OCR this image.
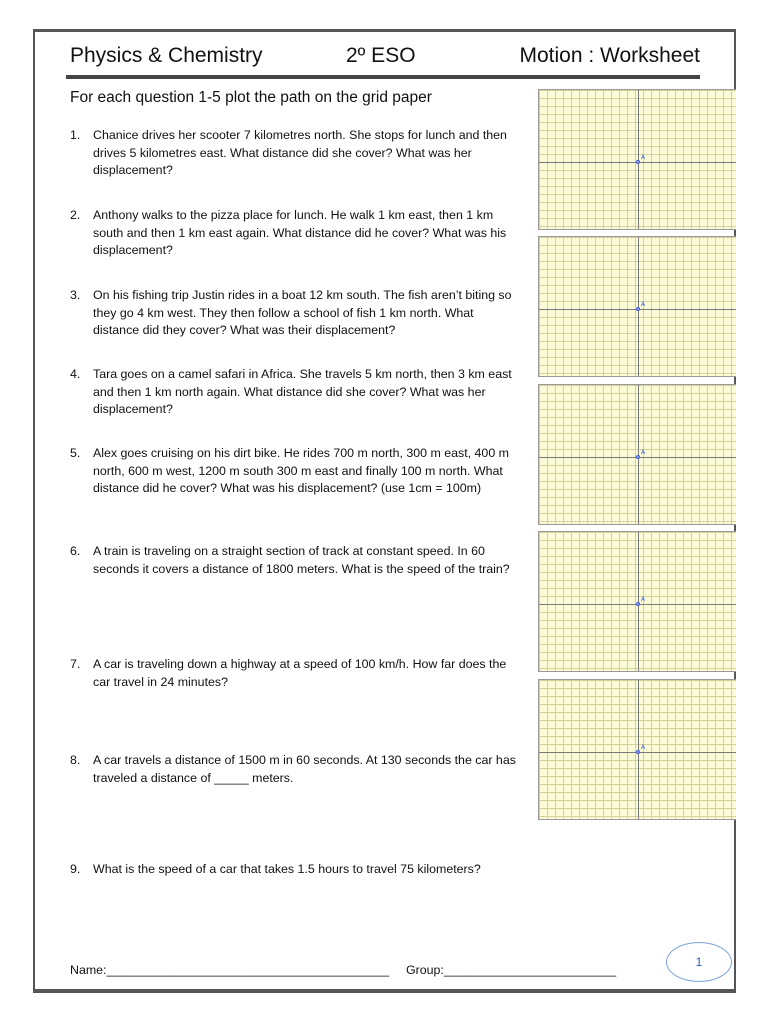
Physics & Chemistry	2º ESO	Motion : Worksheet
For each question 1-5 plot the path on the grid paper
1. Chanice drives her scooter 7 kilometres north. She stops for lunch and then drives 5 kilometres east. What distance did she cover? What was her displacement?
2. Anthony walks to the pizza place for lunch. He walk 1 km east, then 1 km south and then 1 km east again. What distance did he cover? What was his displacement?
3. On his fishing trip Justin rides in a boat 12 km south. The fish aren’t biting so they go 4 km west. They then follow a school of fish 1 km north. What distance did they cover? What was their displacement?
4. Tara goes on a camel safari in Africa. She travels 5 km north, then 3 km east and then 1 km north again. What distance did she cover? What was her displacement?
5. Alex goes cruising on his dirt bike. He rides 700 m north, 300 m east, 400 m north, 600 m west, 1200 m south 300 m east and finally 100 m north. What distance did he cover? What was his displacement? (use 1cm = 100m)
6. A train is traveling on a straight section of track at constant speed. In 60 seconds it covers a distance of 1800 meters. What is the speed of the train?
7. A car is traveling down a highway at a speed of 100 km/h. How far does the car travel in 24 minutes?
8. A car travels a distance of 1500 m in 60 seconds. At 130 seconds the car has traveled a distance of _____ meters.
9. What is the speed of a car that takes 1.5 hours to travel 75 kilometers?
A
A
A
A
A
Name:_________________________________________ Group:_________________________
1
